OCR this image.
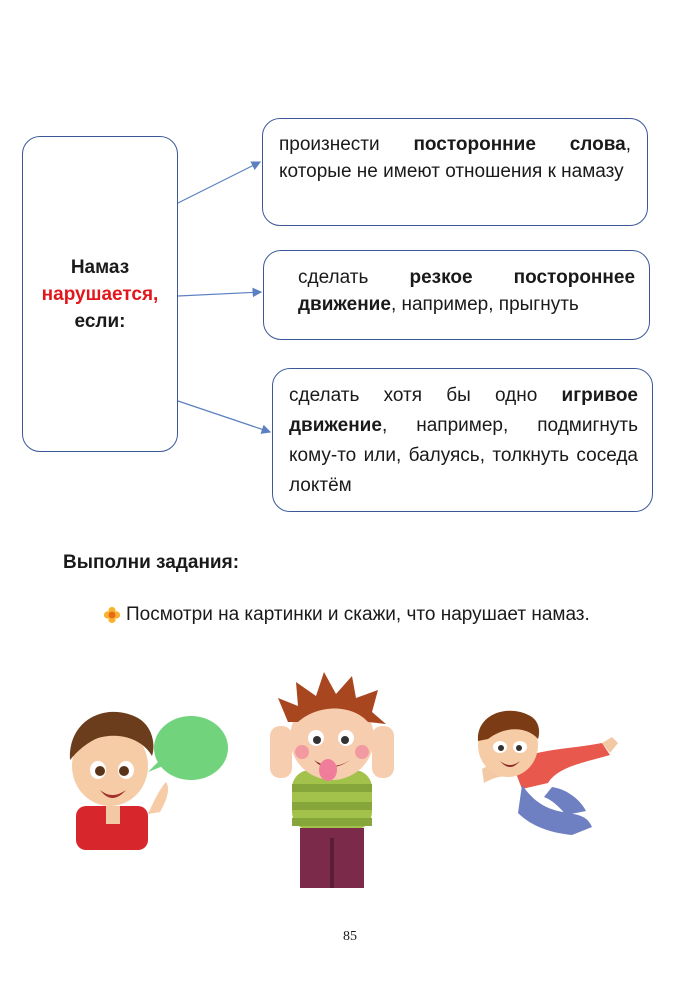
Намаз
нарушается,
если:
произнести посторонние слова, которые не имеют отношения к намазу
сделать резкое постороннее движение, например, прыгнуть
сделать хотя бы одно игривое движение, например, подмигнуть кому-то или, балуясь, толкнуть соседа локтём
Выполни задания:
Посмотри на картинки и скажи, что нарушает намаз.
85
